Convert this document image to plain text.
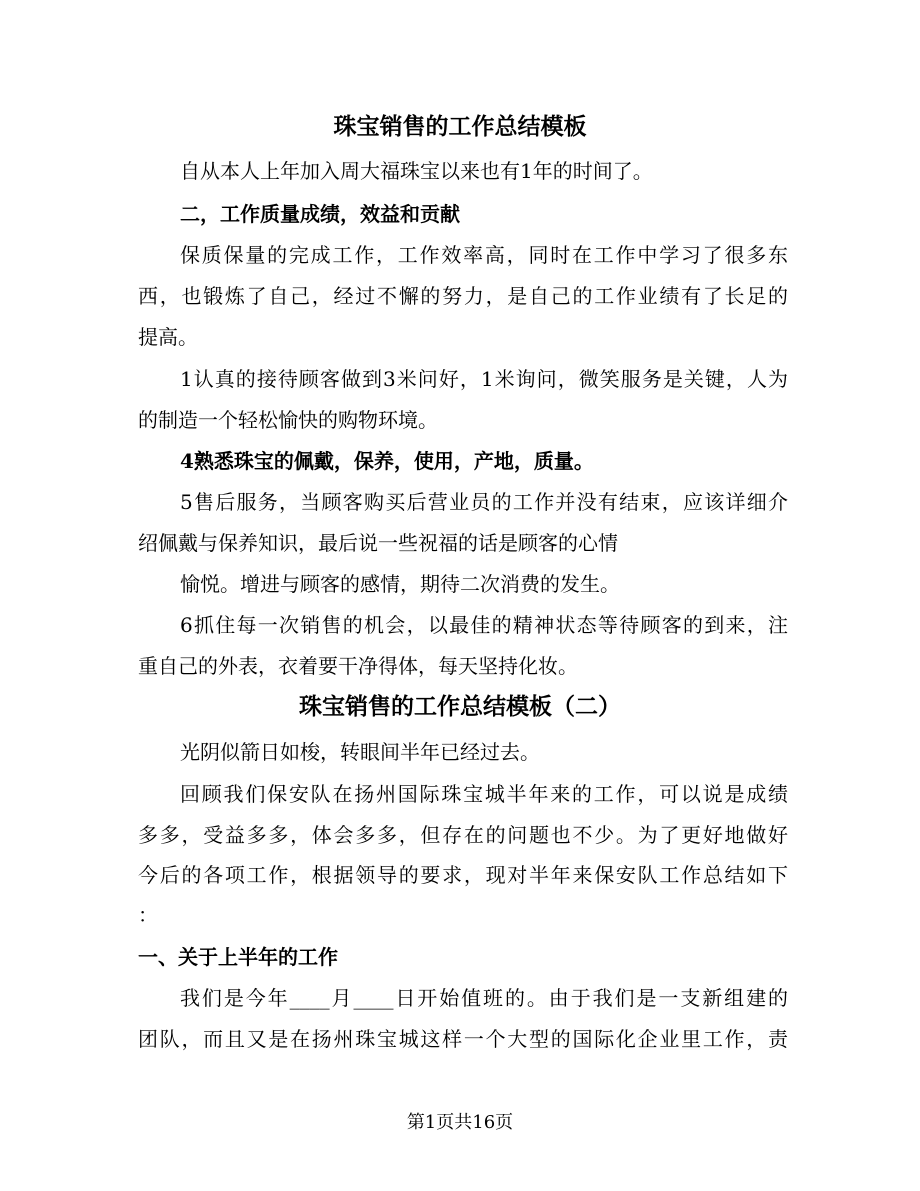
珠宝销售的工作总结模板
自从本人上年加入周大福珠宝以来也有1年的时间了。
二，工作质量成绩，效益和贡献
保质保量的完成工作，工作效率高，同时在工作中学习了很多东
西，也锻炼了自己，经过不懈的努力，是自己的工作业绩有了长足的
提高。
1认真的接待顾客做到3米问好，1米询问，微笑服务是关键，人为
的制造一个轻松愉快的购物环境。
4熟悉珠宝的佩戴，保养，使用，产地，质量。
5售后服务，当顾客购买后营业员的工作并没有结束，应该详细介
绍佩戴与保养知识，最后说一些祝福的话是顾客的心情
愉悦。增进与顾客的感情，期待二次消费的发生。
6抓住每一次销售的机会，以最佳的精神状态等待顾客的到来，注
重自己的外表，衣着要干净得体，每天坚持化妆。
珠宝销售的工作总结模板（二）
光阴似箭日如梭，转眼间半年已经过去。
回顾我们保安队在扬州国际珠宝城半年来的工作，可以说是成绩
多多，受益多多，体会多多，但存在的问题也不少。为了更好地做好
今后的各项工作，根据领导的要求，现对半年来保安队工作总结如下
：
一、关于上半年的工作
我们是今年____月____日开始值班的。由于我们是一支新组建的
团队，而且又是在扬州珠宝城这样一个大型的国际化企业里工作，责
第1页共16页
